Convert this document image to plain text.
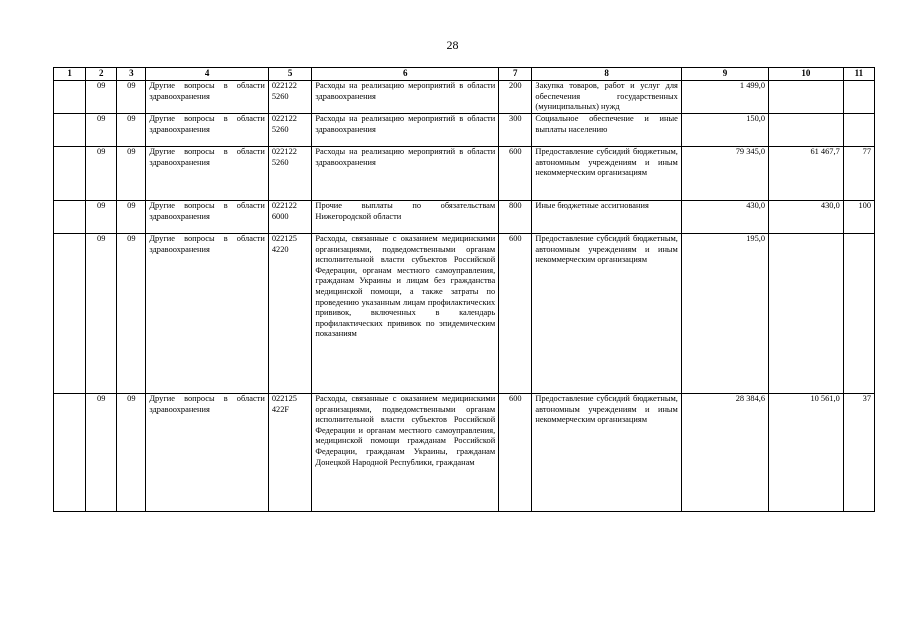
28
1	2	3	4	5	6	7	8	9	10	11
	09	09	Другие вопросы в области здравоохранения	022122 5260	Расходы на реализацию мероприятий в области здравоохранения	200	Закупка товаров, работ и услуг для обеспечения государственных (муниципальных) нужд	1 499,0		
	09	09	Другие вопросы в области здравоохранения	022122 5260	Расходы на реализацию мероприятий в области здравоохранения	300	Социальное обеспечение и иные выплаты населению	150,0		
	09	09	Другие вопросы в области здравоохранения	022122 5260	Расходы на реализацию мероприятий в области здравоохранения	600	Предоставление субсидий бюджетным, автономным учреждениям и иным некоммерческим организациям	79 345,0	61 467,7	77
	09	09	Другие вопросы в области здравоохранения	022122 6000	Прочие выплаты по обязательствам Нижегородской области	800	Иные бюджетные ассигнования	430,0	430,0	100
	09	09	Другие вопросы в области здравоохранения	022125 4220	Расходы, связанные с оказанием медицинскими организациями, подведомственными органам исполнительной власти субъектов Российской Федерации, органам местного самоуправления, гражданам Украины и лицам без гражданства медицинской помощи, а также затраты по проведению указанным лицам профилактических прививок, включенных в календарь профилактических прививок по эпидемическим показаниям	600	Предоставление субсидий бюджетным, автономным учреждениям и иным некоммерческим организациям	195,0		
	09	09	Другие вопросы в области здравоохранения	022125 422F	Расходы, связанные с оказанием медицинскими организациями, подведомственными органам исполнительной власти субъектов Российской Федерации и органам местного самоуправления, медицинской помощи гражданам Российской Федерации, гражданам Украины, гражданам Донецкой Народной Республики, гражданам	600	Предоставление субсидий бюджетным, автономным учреждениям и иным некоммерческим организациям	28 384,6	10 561,0	37
